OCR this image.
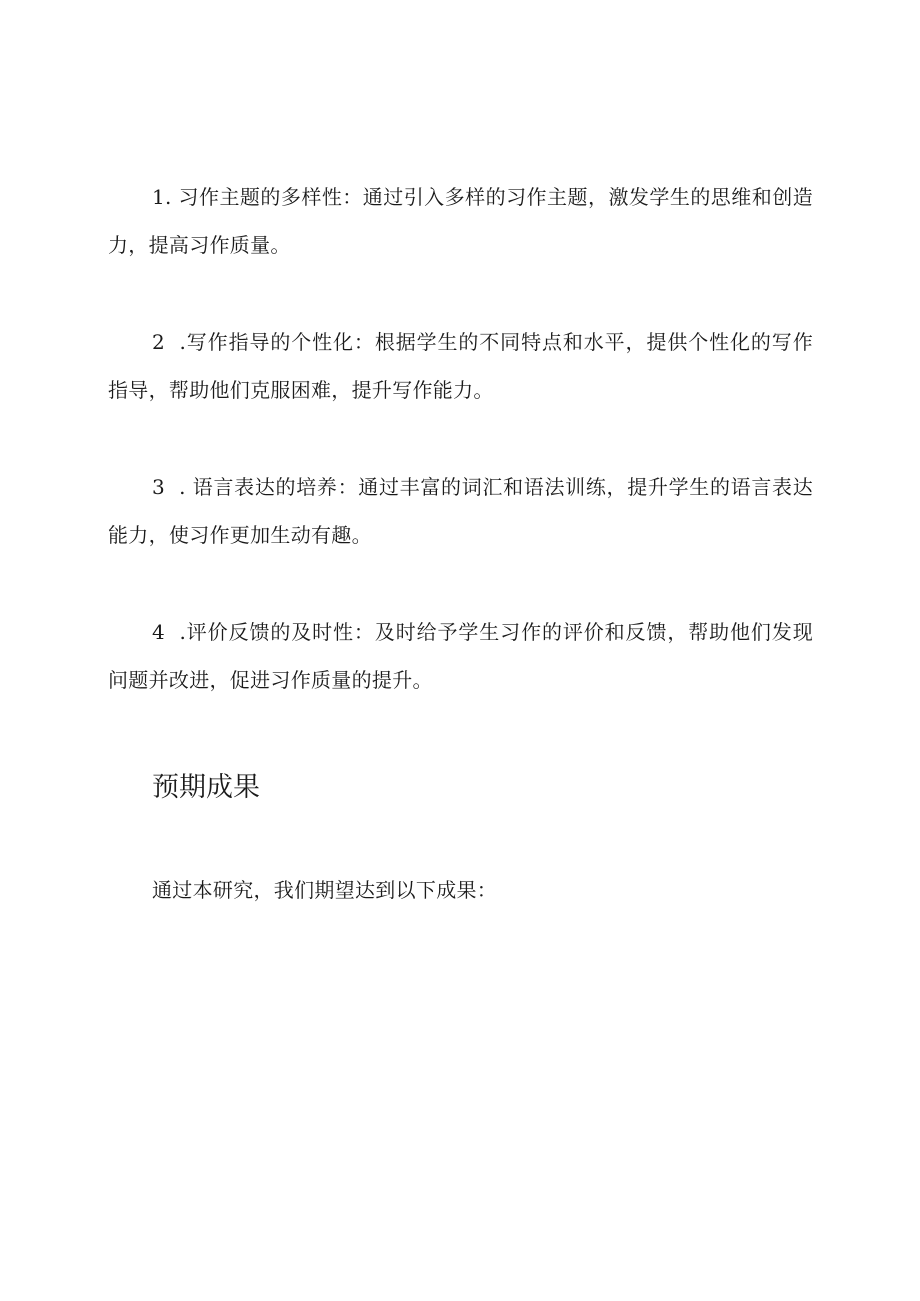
1. 习作主题的多样性：通过引入多样的习作主题，激发学生的思维和创造力，提高习作质量。

2  .写作指导的个性化：根据学生的不同特点和水平，提供个性化的写作指导，帮助他们克服困难，提升写作能力。

3  . 语言表达的培养：通过丰富的词汇和语法训练，提升学生的语言表达能力，使习作更加生动有趣。

4  .评价反馈的及时性：及时给予学生习作的评价和反馈，帮助他们发现问题并改进，促进习作质量的提升。

预期成果

通过本研究，我们期望达到以下成果：
